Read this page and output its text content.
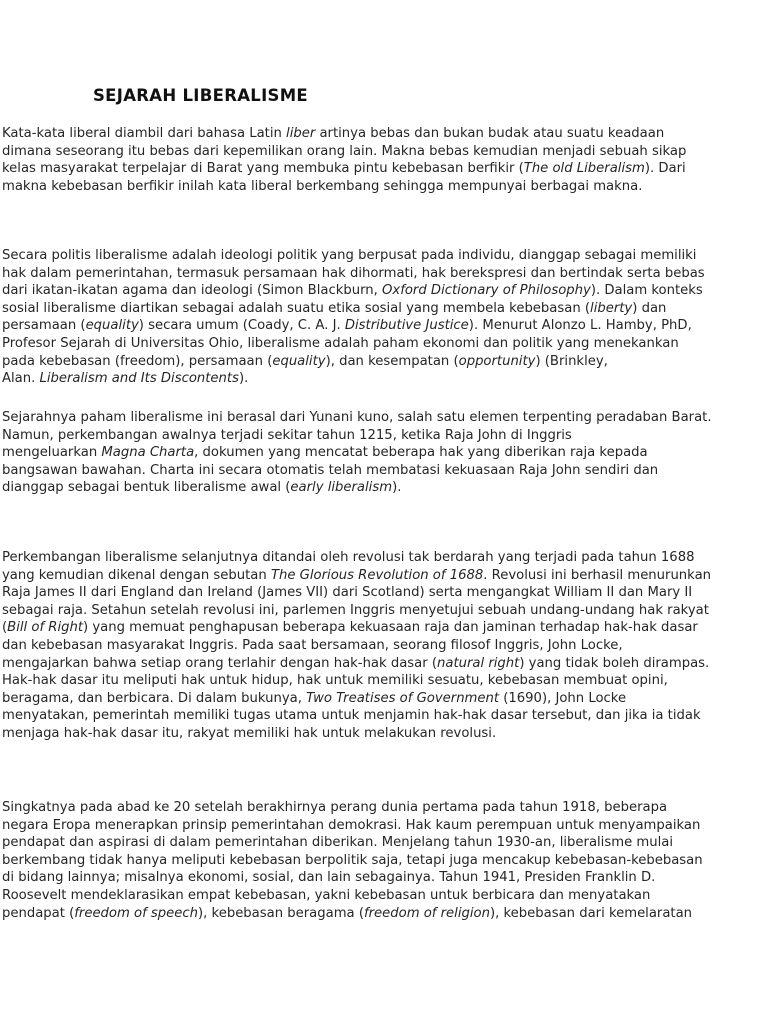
SEJARAH LIBERALISME
Kata-kata liberal diambil dari bahasa Latin liber artinya bebas dan bukan budak atau suatu keadaan
dimana seseorang itu bebas dari kepemilikan orang lain. Makna bebas kemudian menjadi sebuah sikap
kelas masyarakat terpelajar di Barat yang membuka pintu kebebasan berfikir (The old Liberalism). Dari
makna kebebasan berfikir inilah kata liberal berkembang sehingga mempunyai berbagai makna.
Secara politis liberalisme adalah ideologi politik yang berpusat pada individu, dianggap sebagai memiliki
hak dalam pemerintahan, termasuk persamaan hak dihormati, hak berekspresi dan bertindak serta bebas
dari ikatan-ikatan agama dan ideologi (Simon Blackburn, Oxford Dictionary of Philosophy). Dalam konteks
sosial liberalisme diartikan sebagai adalah suatu etika sosial yang membela kebebasan (liberty) dan
persamaan (equality) secara umum (Coady, C. A. J. Distributive Justice). Menurut Alonzo L. Hamby, PhD,
Profesor Sejarah di Universitas Ohio, liberalisme adalah paham ekonomi dan politik yang menekankan
pada kebebasan (freedom), persamaan (equality), dan kesempatan (opportunity) (Brinkley,
Alan. Liberalism and Its Discontents).
Sejarahnya paham liberalisme ini berasal dari Yunani kuno, salah satu elemen terpenting peradaban Barat.
Namun, perkembangan awalnya terjadi sekitar tahun 1215, ketika Raja John di Inggris
mengeluarkan Magna Charta, dokumen yang mencatat beberapa hak yang diberikan raja kepada
bangsawan bawahan. Charta ini secara otomatis telah membatasi kekuasaan Raja John sendiri dan
dianggap sebagai bentuk liberalisme awal (early liberalism).
Perkembangan liberalisme selanjutnya ditandai oleh revolusi tak berdarah yang terjadi pada tahun 1688
yang kemudian dikenal dengan sebutan The Glorious Revolution of 1688. Revolusi ini berhasil menurunkan
Raja James II dari England dan Ireland (James VII) dari Scotland) serta mengangkat William II dan Mary II
sebagai raja. Setahun setelah revolusi ini, parlemen Inggris menyetujui sebuah undang-undang hak rakyat
(Bill of Right) yang memuat penghapusan beberapa kekuasaan raja dan jaminan terhadap hak-hak dasar
dan kebebasan masyarakat Inggris. Pada saat bersamaan, seorang filosof Inggris, John Locke,
mengajarkan bahwa setiap orang terlahir dengan hak-hak dasar (natural right) yang tidak boleh dirampas.
Hak-hak dasar itu meliputi hak untuk hidup, hak untuk memiliki sesuatu, kebebasan membuat opini,
beragama, dan berbicara. Di dalam bukunya, Two Treatises of Government (1690), John Locke
menyatakan, pemerintah memiliki tugas utama untuk menjamin hak-hak dasar tersebut, dan jika ia tidak
menjaga hak-hak dasar itu, rakyat memiliki hak untuk melakukan revolusi.
Singkatnya pada abad ke 20 setelah berakhirnya perang dunia pertama pada tahun 1918, beberapa
negara Eropa menerapkan prinsip pemerintahan demokrasi. Hak kaum perempuan untuk menyampaikan
pendapat dan aspirasi di dalam pemerintahan diberikan. Menjelang tahun 1930-an, liberalisme mulai
berkembang tidak hanya meliputi kebebasan berpolitik saja, tetapi juga mencakup kebebasan-kebebasan
di bidang lainnya; misalnya ekonomi, sosial, dan lain sebagainya. Tahun 1941, Presiden Franklin D.
Roosevelt mendeklarasikan empat kebebasan, yakni kebebasan untuk berbicara dan menyatakan
pendapat (freedom of speech), kebebasan beragama (freedom of religion), kebebasan dari kemelaratan
